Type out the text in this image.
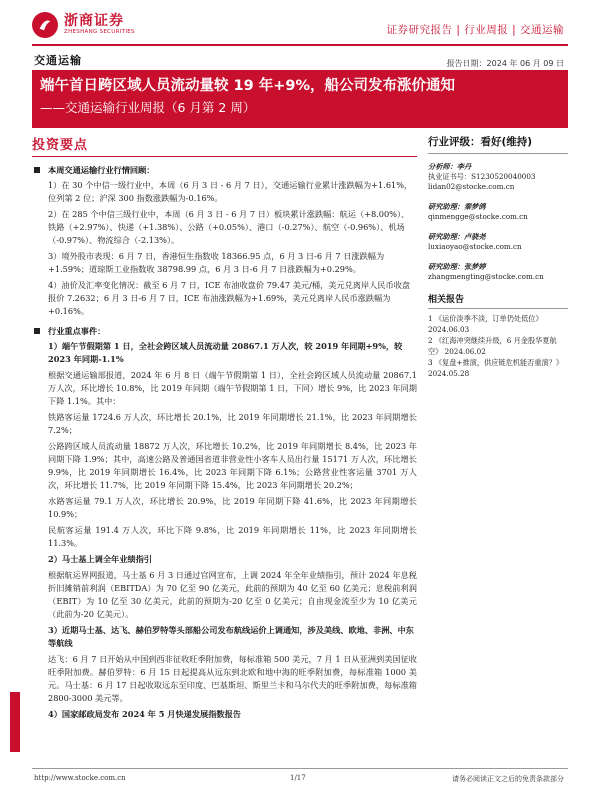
浙商证券
ZHESHANG SECURITIES	证券研究报告 | 行业周报 | 交通运输
交通运输	报告日期：2024 年 06 月 09 日
端午首日跨区域人员流动量较 19 年+9%，船公司发布涨价通知
——交通运输行业周报（6 月第 2 周）
投资要点
本周交通运输行业行情回顾：
1）在 30 个中信一级行业中，本周（6 月 3 日 - 6 月 7 日），交通运输行业累计涨跌幅为+1.61%，位列第 2 位；沪深 300 指数涨跌幅为-0.16%。
2）在 285 个中信三级行业中，本周（6 月 3 日 - 6 月 7 日）板块累计涨跌幅：航运（+8.00%）、铁路（+2.97%）、快递（+1.38%）、公路（+0.05%）、港口（-0.27%）、航空（-0.96%）、机场（-0.97%）、物流综合（-2.13%）。
3）境外股市表现：6 月 7 日，香港恒生指数收 18366.95 点，6 月 3 日-6 月 7 日涨跌幅为 +1.59%；道琼斯工业指数收 38798.99 点，6 月 3 日-6 月 7 日涨跌幅为+0.29%。
4）油价及汇率变化情况：截至 6 月 7 日，ICE 布油收盘价 79.47 美元/桶，美元兑离岸人民币收盘报价 7.2632；6 月 3 日-6 月 7 日，ICE 布油涨跌幅为+1.69%，美元兑离岸人民币涨跌幅为+0.16%。
行业重点事件：
1）端午节假期第 1 日，全社会跨区域人员流动量 20867.1 万人次，较 2019 年同期+9%，较 2023 年同期-1.1%
根据交通运输部报道，2024 年 6 月 8 日（端午节假期第 1 日），全社会跨区域人员流动量 20867.1 万人次，环比增长 10.8%，比 2019 年同期（端午节假期第 1 日，下同）增长 9%，比 2023 年同期下降 1.1%。其中：
铁路客运量 1724.6 万人次，环比增长 20.1%，比 2019 年同期增长 21.1%，比 2023 年同期增长 7.2%；
公路跨区域人员流动量 18872 万人次，环比增长 10.2%，比 2019 年同期增长 8.4%，比 2023 年同期下降 1.9%；其中，高速公路及普通国省道非营业性小客车人员出行量 15171 万人次，环比增长 9.9%，比 2019 年同期增长 16.4%，比 2023 年同期下降 6.1%；公路营业性客运量 3701 万人次，环比增长 11.7%，比 2019 年同期下降 15.4%，比 2023 年同期增长 20.2%；
水路客运量 79.1 万人次，环比增长 20.9%，比 2019 年同期下降 41.6%，比 2023 年同期增长 10.9%；
民航客运量 191.4 万人次，环比下降 9.8%，比 2019 年同期增长 11%，比 2023 年同期增长 11.3%。
2）马士基上调全年业绩指引
根据航运界网报道，马士基 6 月 3 日通过官网宣布，上调 2024 年全年业绩指引，预计 2024 年息税折旧摊销前利润（EBITDA）为 70 亿至 90 亿美元，此前的预期为 40 亿至 60 亿美元；息税前利润（EBIT）为 10 亿至 30 亿美元，此前的预期为-20 亿至 0 亿美元；自由现金流至少为 10 亿美元（此前为-20 亿美元）。
3）近期马士基、达飞、赫伯罗特等头部船公司发布航线运价上调通知，涉及美线、欧地、非洲、中东等航线
达飞：6 月 7 日开始从中国到西非征收旺季附加费，每标准箱 500 美元，7 月 1 日从亚洲到美国征收旺季附加费。赫伯罗特：6 月 15 日起提高从远东到北欧和地中海的旺季附加费，每标准箱 1000 美元。马士基：6 月 17 日起收取远东至印度、巴基斯坦、斯里兰卡和马尔代夫的旺季附加费，每标准箱 2800-3000 美元等。
4）国家邮政局发布 2024 年 5 月快递发展指数报告
行业评级：看好(维持)
分析师：李丹
执业证书号：S1230520040003
lidan02@stocke.com.cn
研究助理：秦梦鸽
qinmengge@stocke.com.cn
研究助理：卢骁尧
luxiaoyao@stocke.com.cn
研究助理：张梦婷
zhangmengting@stocke.com.cn
相关报告
1 《运价淡季不淡，订单仍处低位》 2024.06.03
2 《红海冲突继续升级，6 月金股华夏航空》 2024.06.02
3 《复盘+推演，供应链危机能否重演？》 2024.05.28
http://www.stocke.com.cn	1/17	请务必阅读正文之后的免责条款部分
